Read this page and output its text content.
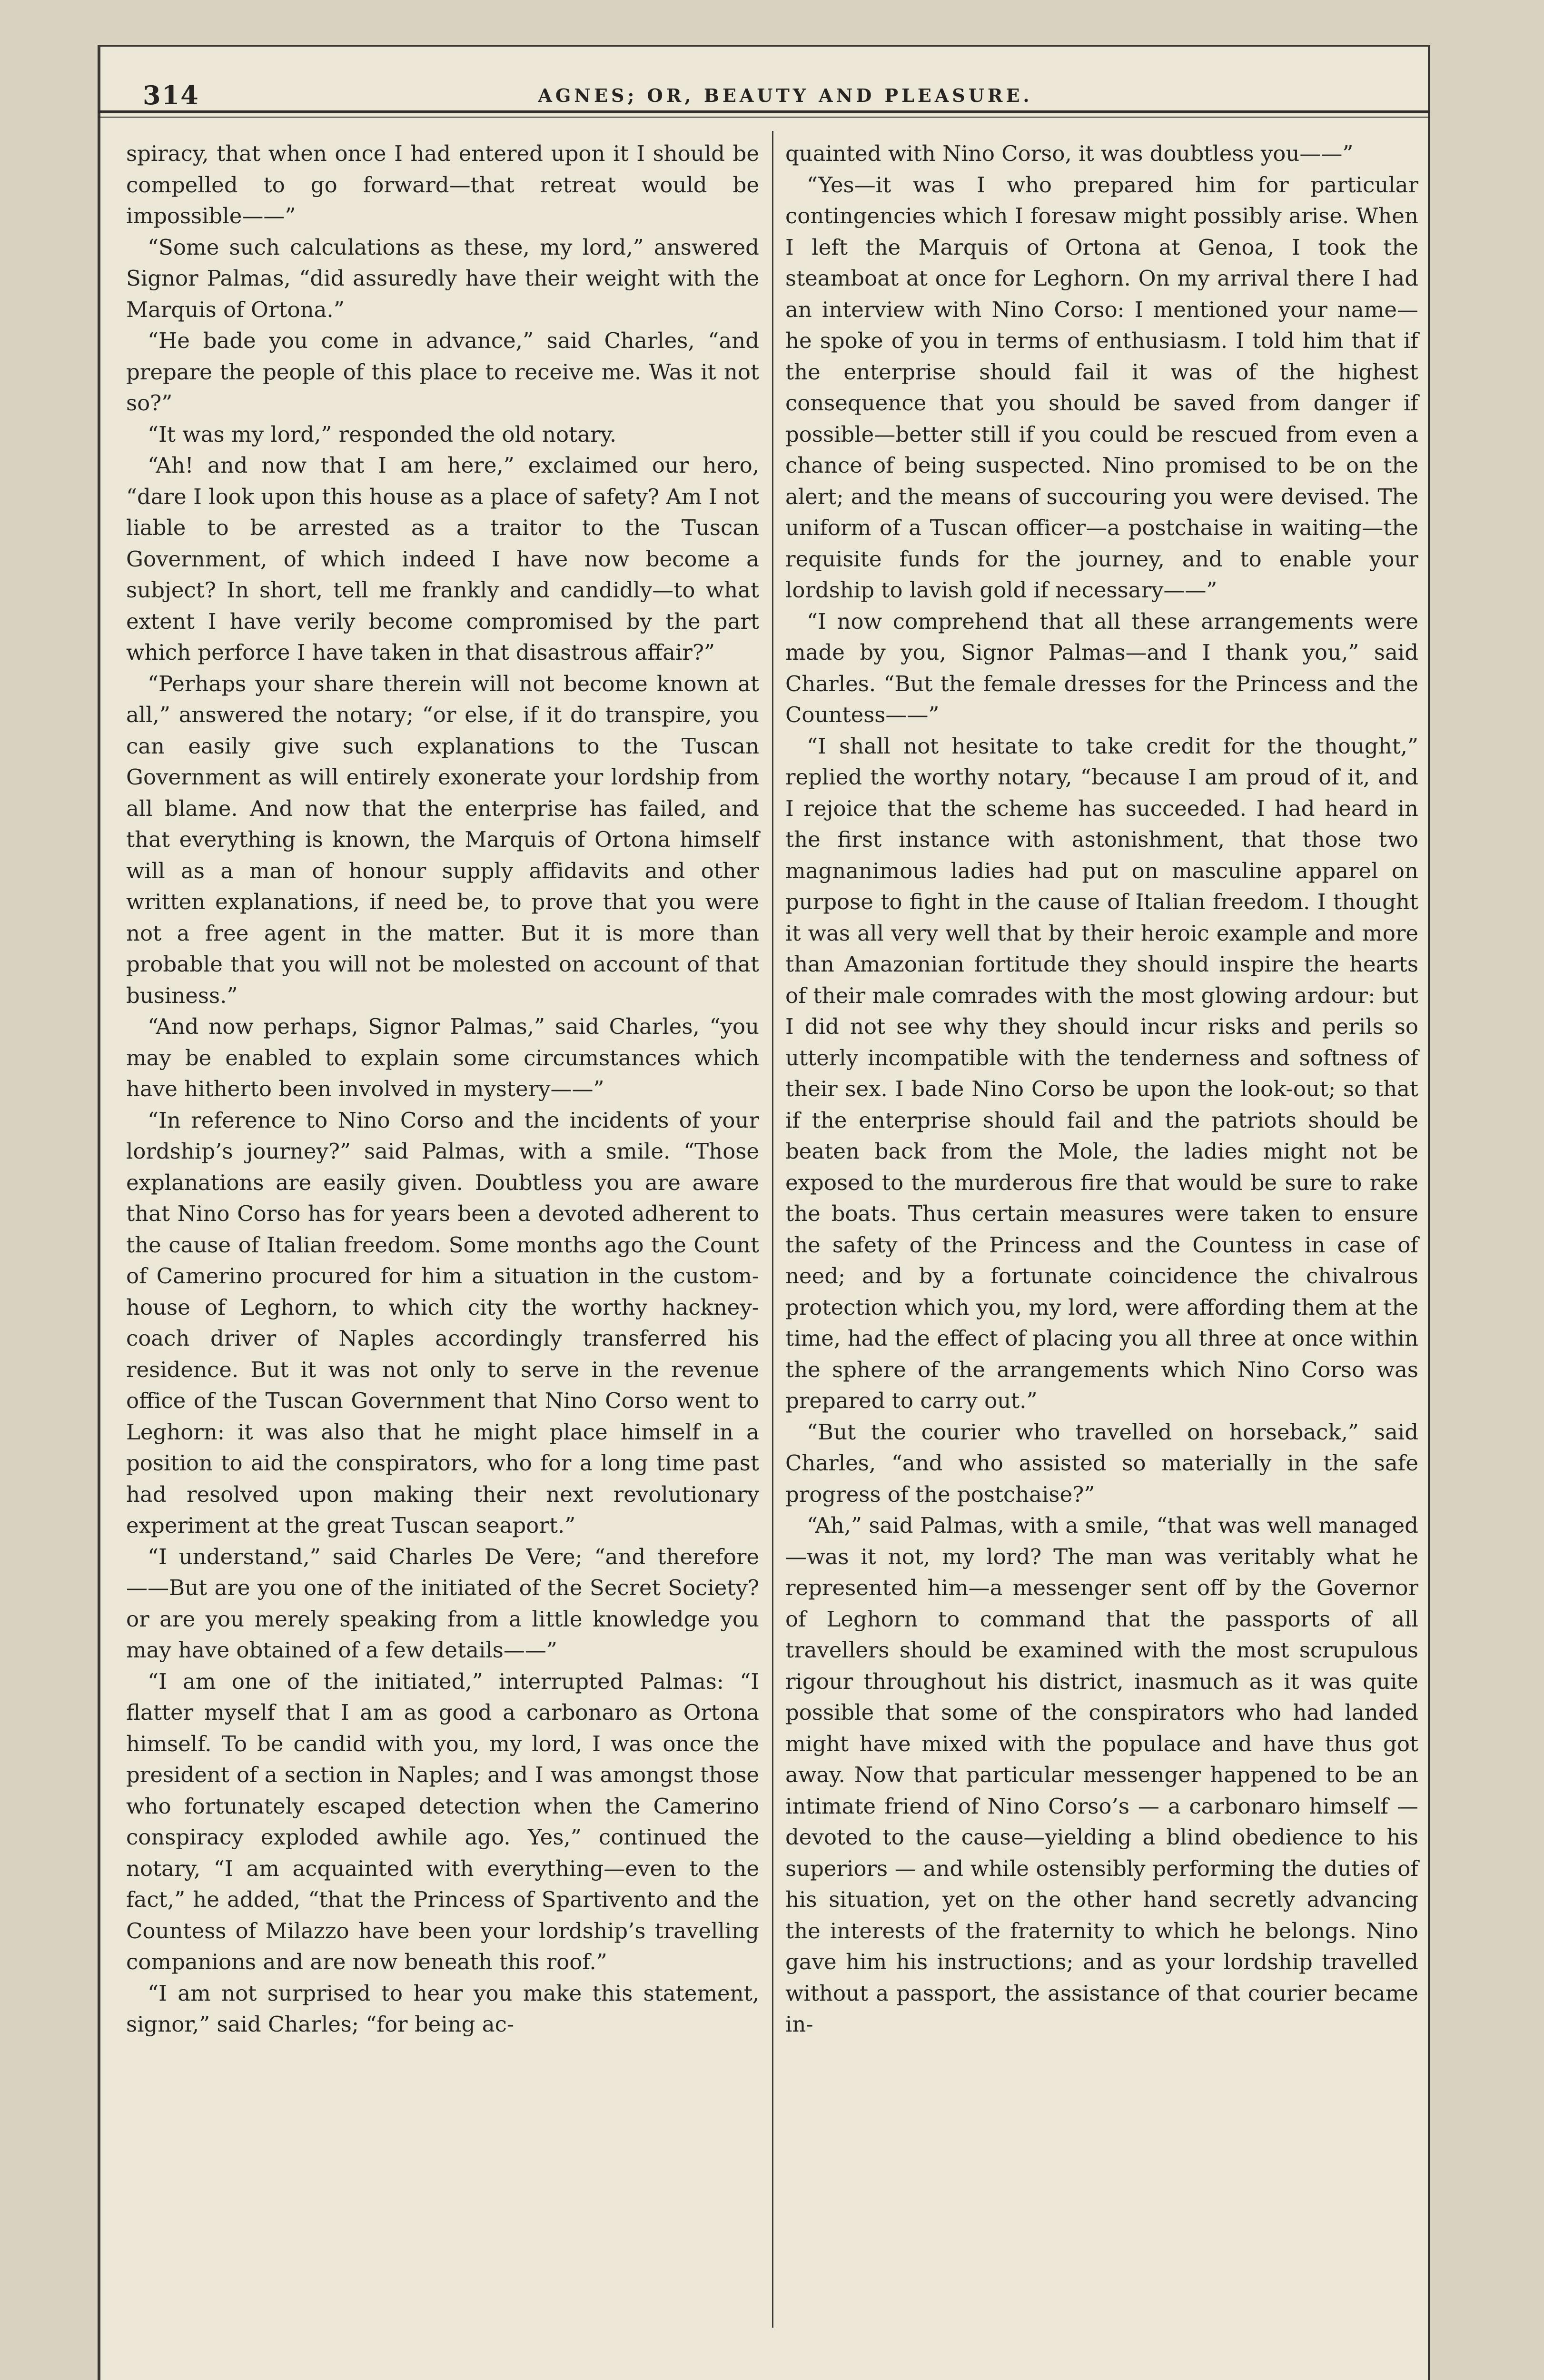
314	AGNES; OR, BEAUTY AND PLEASURE.

spiracy, that when once I had entered upon it I should be compelled to go forward—that retreat would be impossible——”

“Some such calculations as these, my lord,” answered Signor Palmas, “did assuredly have their weight with the Marquis of Ortona.”

“He bade you come in advance,” said Charles, “and prepare the people of this place to receive me. Was it not so?”

“It was my lord,” responded the old notary.

“Ah! and now that I am here,” exclaimed our hero, “dare I look upon this house as a place of safety? Am I not liable to be arrested as a traitor to the Tuscan Government, of which indeed I have now become a subject? In short, tell me frankly and candidly—to what extent I have verily become compromised by the part which perforce I have taken in that disastrous affair?”

“Perhaps your share therein will not become known at all,” answered the notary; “or else, if it do transpire, you can easily give such explanations to the Tuscan Government as will entirely exonerate your lordship from all blame. And now that the enterprise has failed, and that everything is known, the Marquis of Ortona himself will as a man of honour supply affidavits and other written explanations, if need be, to prove that you were not a free agent in the matter. But it is more than probable that you will not be molested on account of that business.”

“And now perhaps, Signor Palmas,” said Charles, “you may be enabled to explain some circumstances which have hitherto been involved in mystery——”

“In reference to Nino Corso and the incidents of your lordship’s journey?” said Palmas, with a smile. “Those explanations are easily given. Doubtless you are aware that Nino Corso has for years been a devoted adherent to the cause of Italian freedom. Some months ago the Count of Camerino procured for him a situation in the custom-house of Leghorn, to which city the worthy hackney-coach driver of Naples accordingly transferred his residence. But it was not only to serve in the revenue office of the Tuscan Government that Nino Corso went to Leghorn: it was also that he might place himself in a position to aid the conspirators, who for a long time past had resolved upon making their next revolutionary experiment at the great Tuscan seaport.”

“I understand,” said Charles De Vere; “and therefore——But are you one of the initiated of the Secret Society? or are you merely speaking from a little knowledge you may have obtained of a few details——”

“I am one of the initiated,” interrupted Palmas: “I flatter myself that I am as good a carbonaro as Ortona himself. To be candid with you, my lord, I was once the president of a section in Naples; and I was amongst those who fortunately escaped detection when the Camerino conspiracy exploded awhile ago. Yes,” continued the notary, “I am acquainted with everything—even to the fact,” he added, “that the Princess of Spartivento and the Countess of Milazzo have been your lordship’s travelling companions and are now beneath this roof.”

“I am not surprised to hear you make this statement, signor,” said Charles; “for being ac-

quainted with Nino Corso, it was doubtless you——”

“Yes—it was I who prepared him for particular contingencies which I foresaw might possibly arise. When I left the Marquis of Ortona at Genoa, I took the steamboat at once for Leghorn. On my arrival there I had an interview with Nino Corso: I mentioned your name—he spoke of you in terms of enthusiasm. I told him that if the enterprise should fail it was of the highest consequence that you should be saved from danger if possible—better still if you could be rescued from even a chance of being suspected. Nino promised to be on the alert; and the means of succouring you were devised. The uniform of a Tuscan officer—a postchaise in waiting—the requisite funds for the journey, and to enable your lordship to lavish gold if necessary——”

“I now comprehend that all these arrangements were made by you, Signor Palmas—and I thank you,” said Charles. “But the female dresses for the Princess and the Countess——”

“I shall not hesitate to take credit for the thought,” replied the worthy notary, “because I am proud of it, and I rejoice that the scheme has succeeded. I had heard in the first instance with astonishment, that those two magnanimous ladies had put on masculine apparel on purpose to fight in the cause of Italian freedom. I thought it was all very well that by their heroic example and more than Amazonian fortitude they should inspire the hearts of their male comrades with the most glowing ardour: but I did not see why they should incur risks and perils so utterly incompatible with the tenderness and softness of their sex. I bade Nino Corso be upon the look-out; so that if the enterprise should fail and the patriots should be beaten back from the Mole, the ladies might not be exposed to the murderous fire that would be sure to rake the boats. Thus certain measures were taken to ensure the safety of the Princess and the Countess in case of need; and by a fortunate coincidence the chivalrous protection which you, my lord, were affording them at the time, had the effect of placing you all three at once within the sphere of the arrangements which Nino Corso was prepared to carry out.”

“But the courier who travelled on horseback,” said Charles, “and who assisted so materially in the safe progress of the postchaise?”

“Ah,” said Palmas, with a smile, “that was well managed—was it not, my lord? The man was veritably what he represented him—a messenger sent off by the Governor of Leghorn to command that the passports of all travellers should be examined with the most scrupulous rigour throughout his district, inasmuch as it was quite possible that some of the conspirators who had landed might have mixed with the populace and have thus got away. Now that particular messenger happened to be an intimate friend of Nino Corso’s — a carbonaro himself — devoted to the cause—yielding a blind obedience to his superiors — and while ostensibly performing the duties of his situation, yet on the other hand secretly advancing the interests of the fraternity to which he belongs. Nino gave him his instructions; and as your lordship travelled without a passport, the assistance of that courier became in-
